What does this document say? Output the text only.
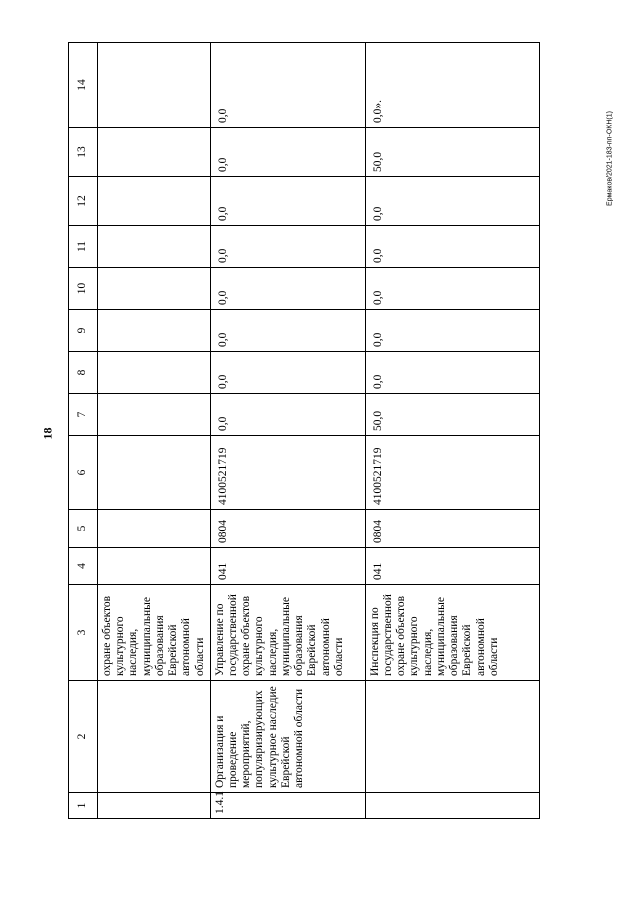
18
Ермаков/2021-183-пп-ОКН(1)
1	2	3	4	5	6	7	8	9	10	11	12	13	14
		охране объектов культурного наследия, муниципальные образования Еврейской автономной области											
1.4.1	Организация и проведение мероприятий, популяризирующих культурное наследие Еврейской автономной области	Управление по государственной охране объектов культурного наследия, муниципальные образования Еврейской автономной области	041	0804	4100521719	0,0	0,0	0,0	0,0	0,0	0,0	0,0	0,0
		Инспекция по государственной охране объектов культурного наследия, муниципальные образования Еврейской автономной области	041	0804	4100521719	50,0	0,0	0,0	0,0	0,0	0,0	50,0	0,0».
